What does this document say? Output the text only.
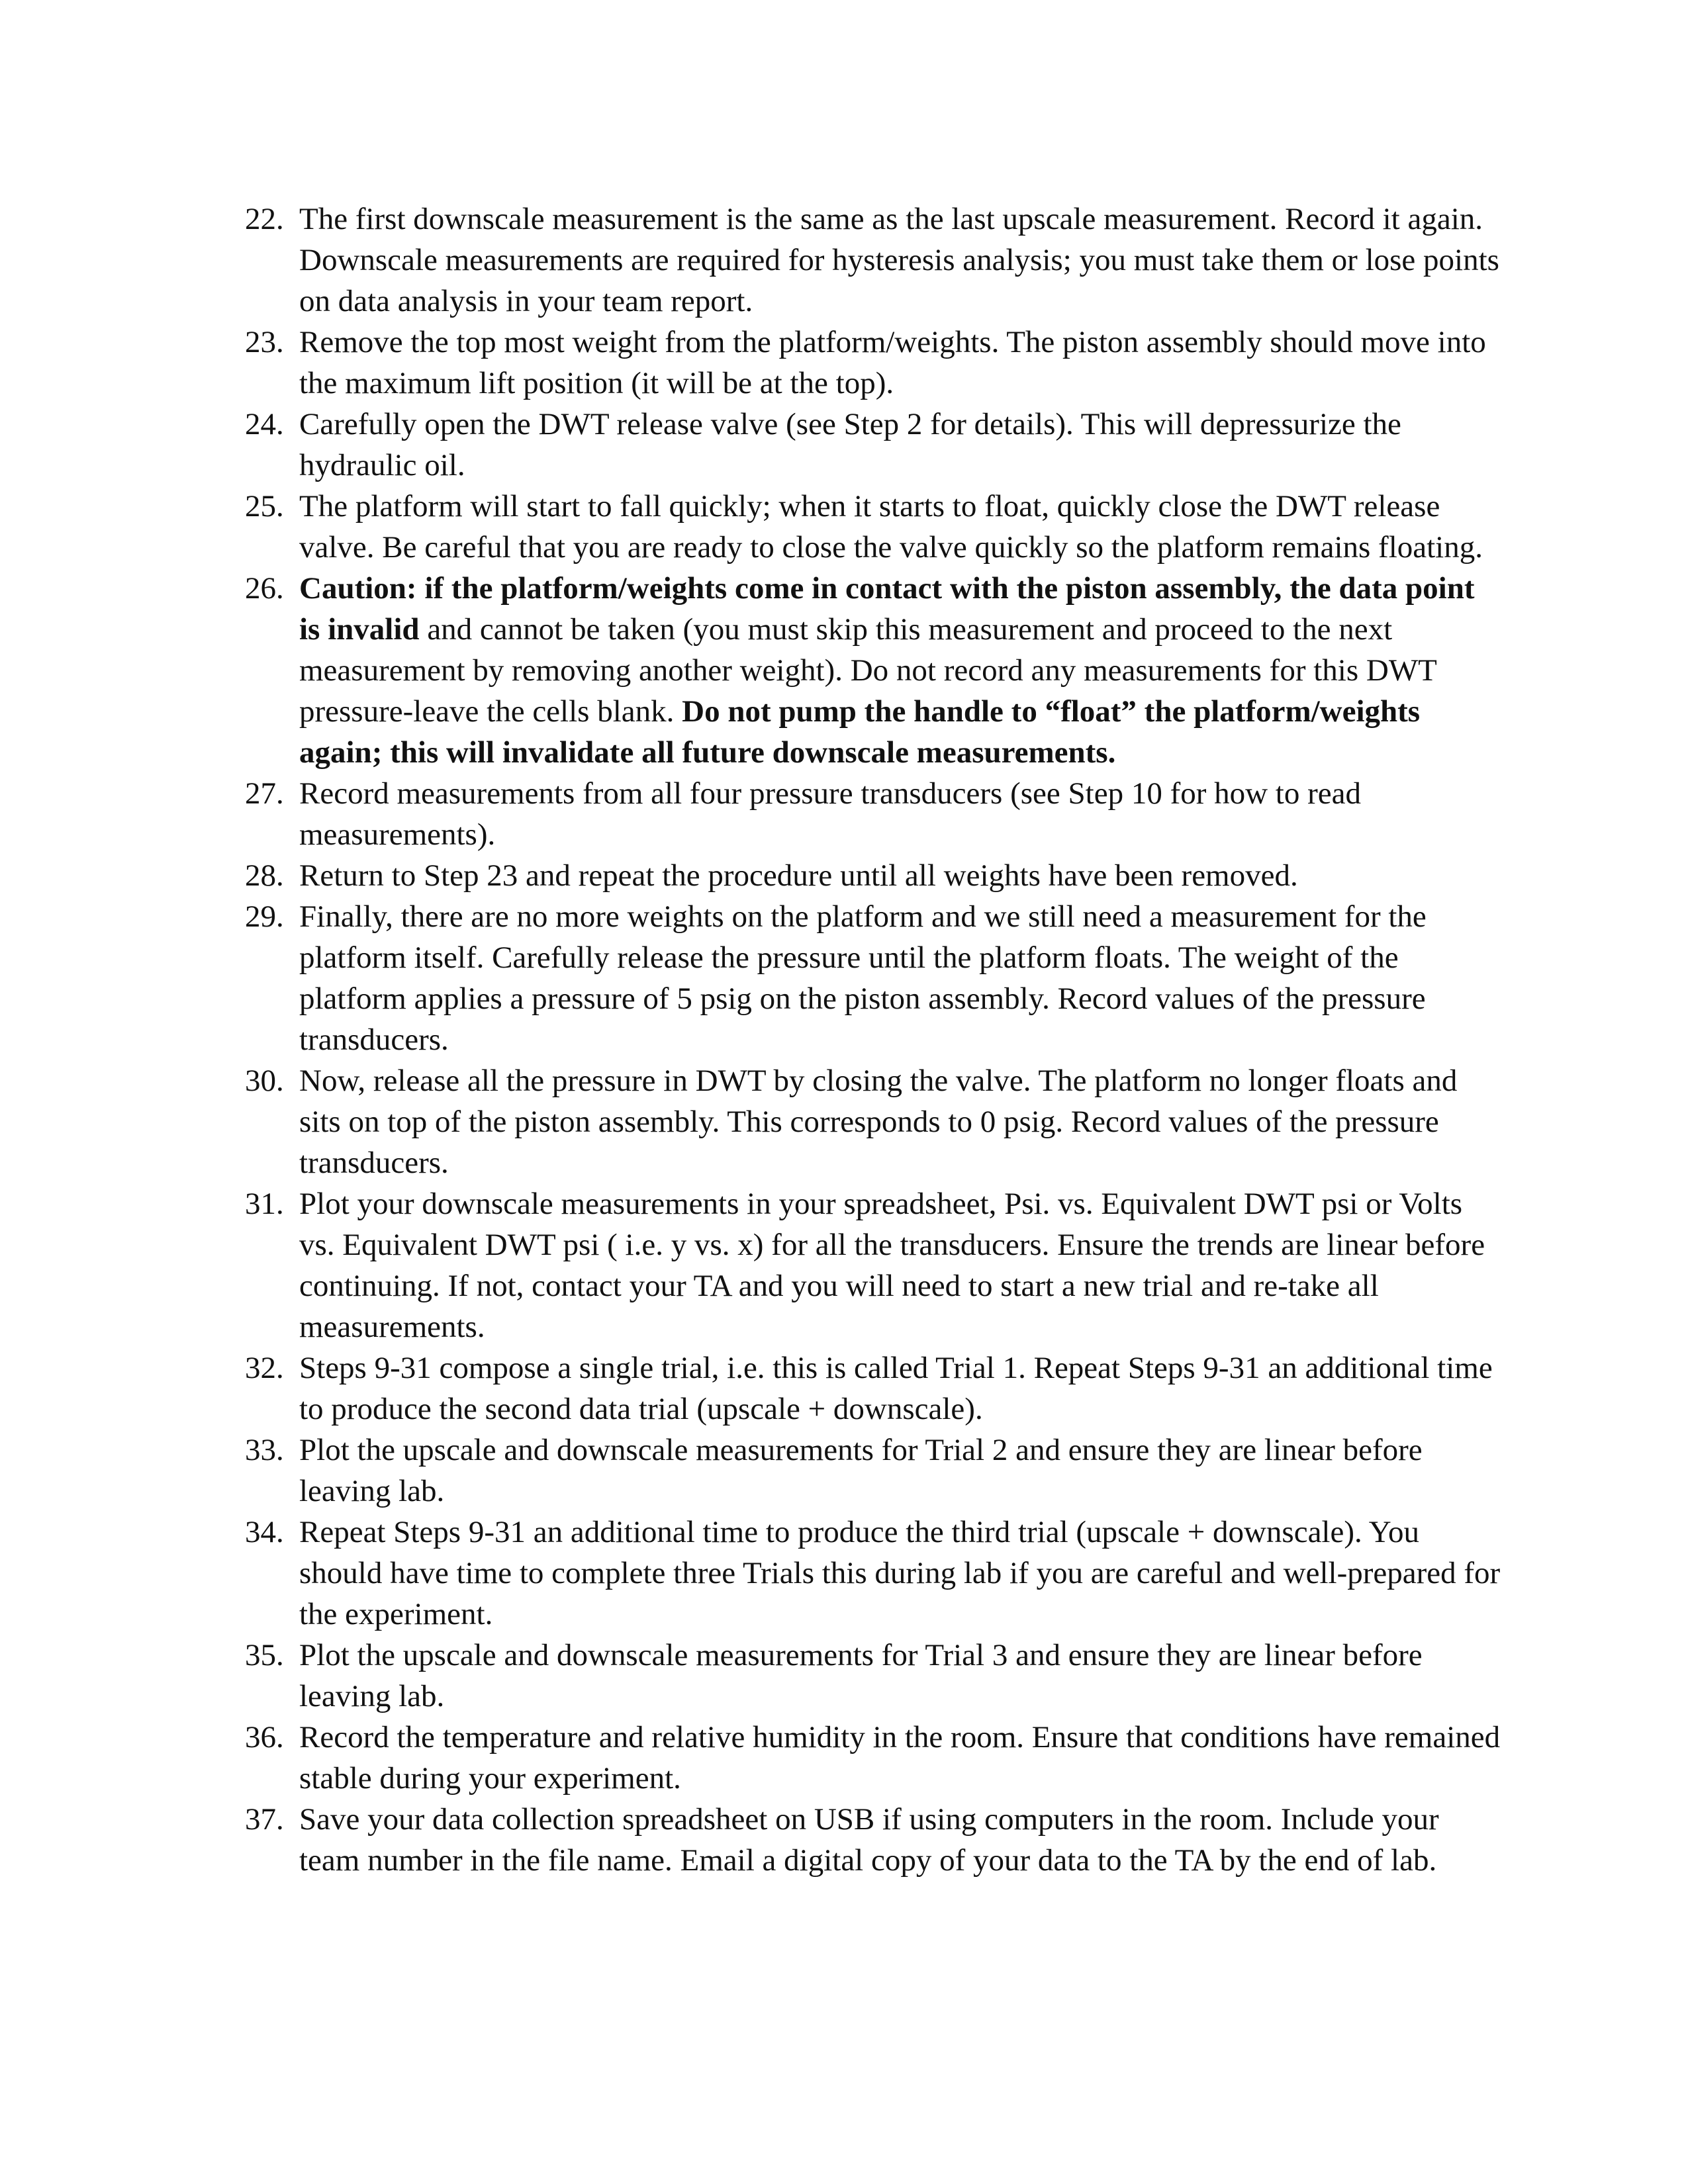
22. The first downscale measurement is the same as the last upscale measurement. Record it again. Downscale measurements are required for hysteresis analysis; you must take them or lose points on data analysis in your team report.
23. Remove the top most weight from the platform/weights. The piston assembly should move into the maximum lift position (it will be at the top).
24. Carefully open the DWT release valve (see Step 2 for details). This will depressurize the hydraulic oil.
25. The platform will start to fall quickly; when it starts to float, quickly close the DWT release valve. Be careful that you are ready to close the valve quickly so the platform remains floating.
26. Caution: if the platform/weights come in contact with the piston assembly, the data point is invalid and cannot be taken (you must skip this measurement and proceed to the next measurement by removing another weight). Do not record any measurements for this DWT pressure-leave the cells blank. Do not pump the handle to “float” the platform/weights again; this will invalidate all future downscale measurements.
27. Record measurements from all four pressure transducers (see Step 10 for how to read measurements).
28. Return to Step 23 and repeat the procedure until all weights have been removed.
29. Finally, there are no more weights on the platform and we still need a measurement for the platform itself. Carefully release the pressure until the platform floats. The weight of the platform applies a pressure of 5 psig on the piston assembly. Record values of the pressure transducers.
30. Now, release all the pressure in DWT by closing the valve. The platform no longer floats and sits on top of the piston assembly. This corresponds to 0 psig. Record values of the pressure transducers.
31. Plot your downscale measurements in your spreadsheet, Psi. vs. Equivalent DWT psi or Volts vs. Equivalent DWT psi ( i.e. y vs. x) for all the transducers. Ensure the trends are linear before continuing. If not, contact your TA and you will need to start a new trial and re-take all measurements.
32. Steps 9-31 compose a single trial, i.e. this is called Trial 1. Repeat Steps 9-31 an additional time to produce the second data trial (upscale + downscale).
33. Plot the upscale and downscale measurements for Trial 2 and ensure they are linear before leaving lab.
34. Repeat Steps 9-31 an additional time to produce the third trial (upscale + downscale). You should have time to complete three Trials this during lab if you are careful and well-prepared for the experiment.
35. Plot the upscale and downscale measurements for Trial 3 and ensure they are linear before leaving lab.
36. Record the temperature and relative humidity in the room. Ensure that conditions have remained stable during your experiment.
37. Save your data collection spreadsheet on USB if using computers in the room. Include your team number in the file name. Email a digital copy of your data to the TA by the end of lab.
